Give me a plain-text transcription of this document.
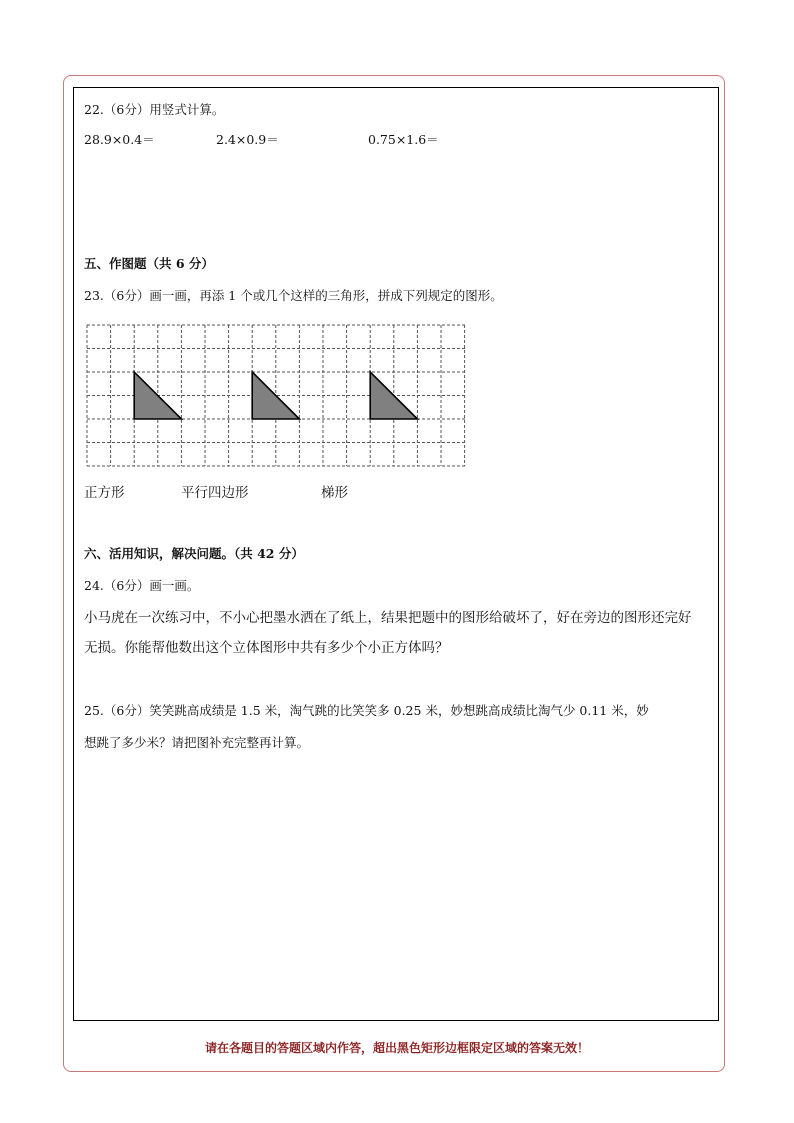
22.（6分）用竖式计算。
28.9×0.4＝	2.4×0.9＝	0.75×1.6＝
五、作图题（共 6 分）
23.（6分）画一画，再添 1 个或几个这样的三角形，拼成下列规定的图形。
正方形	平行四边形	梯形
六、活用知识，解决问题。（共 42 分）
24.（6分）画一画。
小马虎在一次练习中，不小心把墨水洒在了纸上，结果把题中的图形给破坏了，好在旁边的图形还完好
无损。你能帮他数出这个立体图形中共有多少个小正方体吗？
25.（6分）笑笑跳高成绩是 1.5 米，淘气跳的比笑笑多 0.25 米，妙想跳高成绩比淘气少 0.11 米，妙
想跳了多少米？请把图补充完整再计算。
请在各题目的答题区域内作答，超出黑色矩形边框限定区域的答案无效！
